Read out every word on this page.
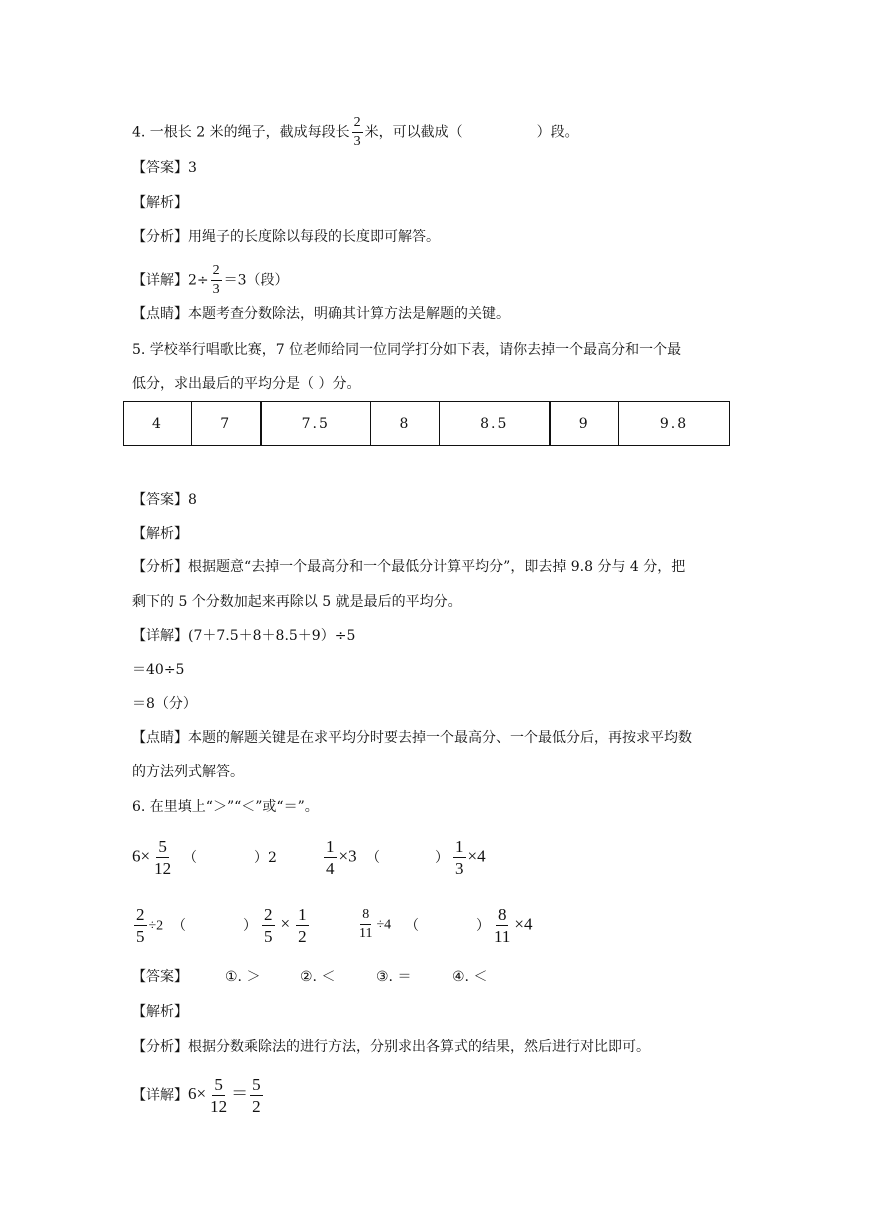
4. 一根长 2 米的绳子，截成每段长 $\frac{2}{3}$ 米，可以截成（	）段。
【答案】3
【解析】
【分析】用绳子的长度除以每段的长度即可解答。
【详解】$2\div \frac{2}{3} =3$（段）
【点睛】本题考查分数除法，明确其计算方法是解题的关键。
5. 学校举行唱歌比赛，7 位老师给同一位同学打分如下表，请你去掉一个最高分和一个最
低分，求出最后的平均分是（ ）分。
4	7	7.5	8	8.5	9	9.8
【答案】8
【解析】
【分析】根据题意“去掉一个最高分和一个最低分计算平均分”，即去掉 9.8 分与 4 分，把
剩下的 5 个分数加起来再除以 5 就是最后的平均分。
【详解】(7＋7.5＋8＋8.5＋9）÷5
＝40÷5
＝8（分）
【点睛】本题的解题关键是在求平均分时要去掉一个最高分、一个最低分后，再按求平均数
的方法列式解答。
6. 在里填上“＞”“＜”或“＝”。
$6\times \frac{5}{12}$ （	）2	$\frac{1}{4} \times 3$ （	） $\frac{1}{3} \times 4$
$\frac{2}{5} \div 2$ （	） $\frac{2}{5} \times \frac{1}{2}$	$\frac{8}{11} \div 4$ （	） $\frac{8}{11} \times 4$
【答案】	①. ＞	②. ＜	③. ＝	④. ＜
【解析】
【分析】根据分数乘除法的进行方法，分别求出各算式的结果，然后进行对比即可。
【详解】$6\times \frac{5}{12} = \frac{5}{2}$
